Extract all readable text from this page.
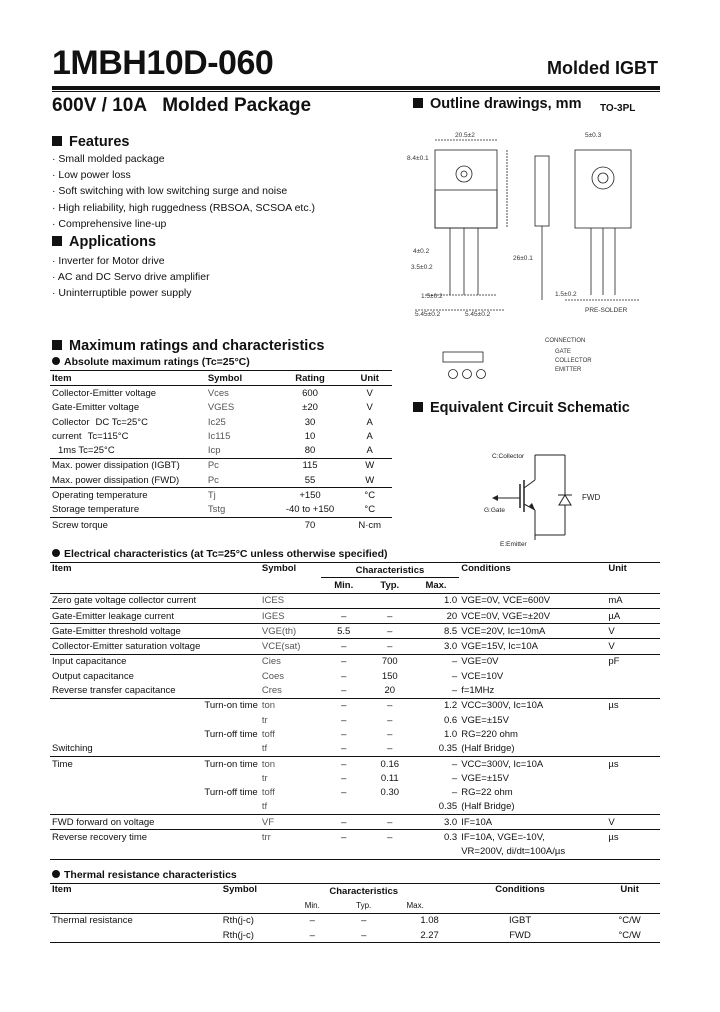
1MBH10D-060	Molded IGBT
600V / 10A   Molded Package
Features
· Small molded package
· Low power loss
· Soft switching with low switching surge and noise
· High reliability, high ruggedness (RBSOA, SCSOA etc.)
· Comprehensive line-up
Applications
· Inverter for Motor drive
· AC and DC Servo drive amplifier
· Uninterruptible power supply
Outline drawings, mm TO-3PL
20.5±2
8.4±0.1
5±0.3
4±0.2
3.5±0.2
1.5±0.2
5.45±0.2	5.45±0.2
1.5±0.2
26±0.1
PRE-SOLDER
CONNECTION
GATE
COLLECTOR
EMITTER
Equivalent Circuit Schematic
C:Collector
G:Gate
E:Emitter
FWD
Maximum ratings and characteristics
Absolute maximum ratings (Tc=25°C)
Item	Symbol	Rating	Unit
Collector-Emitter voltage	Vces	600	V
Gate-Emitter voltage	VGES	±20	V
Collector DC Tc=25°C	Ic25	30	A
current Tc=115°C	Ic115	10	A
1ms Tc=25°C	Icp	80	A
Max. power dissipation (IGBT)	Pc	115	W
Max. power dissipation (FWD)	Pc	55	W
Operating temperature	Tj	+150	°C
Storage temperature	Tstg	-40 to +150	°C
Screw torque		70	N·cm
Electrical characteristics (at Tc=25°C unless otherwise specified)
Item		Symbol	Characteristics			Conditions	Unit
			Min.	Typ.	Max.		
Zero gate voltage collector current		ICES			1.0	VGE=0V, VCE=600V	mA
Gate-Emitter leakage current		IGES	–	–	20	VCE=0V, VGE=±20V	µA
Gate-Emitter threshold voltage		VGE(th)	5.5	–	8.5	VCE=20V, Ic=10mA	V
Collector-Emitter saturation voltage		VCE(sat)	–	–	3.0	VGE=15V, Ic=10A	V
Input capacitance		Cies	–	700	–	VGE=0V	pF
Output capacitance		Coes	–	150	–	VCE=10V	
Reverse transfer capacitance		Cres	–	20	–	f=1MHz	
	Turn-on time	ton	–	–	1.2	VCC=300V, Ic=10A	µs
		tr	–	–	0.6	VGE=±15V	
	Turn-off time	toff	–	–	1.0	RG=220 ohm	
Switching		tf	–	–	0.35	(Half Bridge)	
Time	Turn-on time	ton	–	0.16	–	VCC=300V, Ic=10A	µs
		tr	–	0.11	–	VGE=±15V	
	Turn-off time	toff	–	0.30	–	RG=22 ohm	
		tf			0.35	(Half Bridge)	
FWD forward on voltage		VF	–	–	3.0	IF=10A	V
Reverse recovery time		trr	–	–	0.3	IF=10A, VGE=-10V,	µs
						VR=200V, di/dt=100A/µs	
Thermal resistance characteristics
Item	Symbol	Characteristics			Conditions	Unit
		Min.	Typ.	Max.		
Thermal resistance	Rth(j-c)	–	–	1.08	IGBT	°C/W
	Rth(j-c)	–	–	2.27	FWD	°C/W
